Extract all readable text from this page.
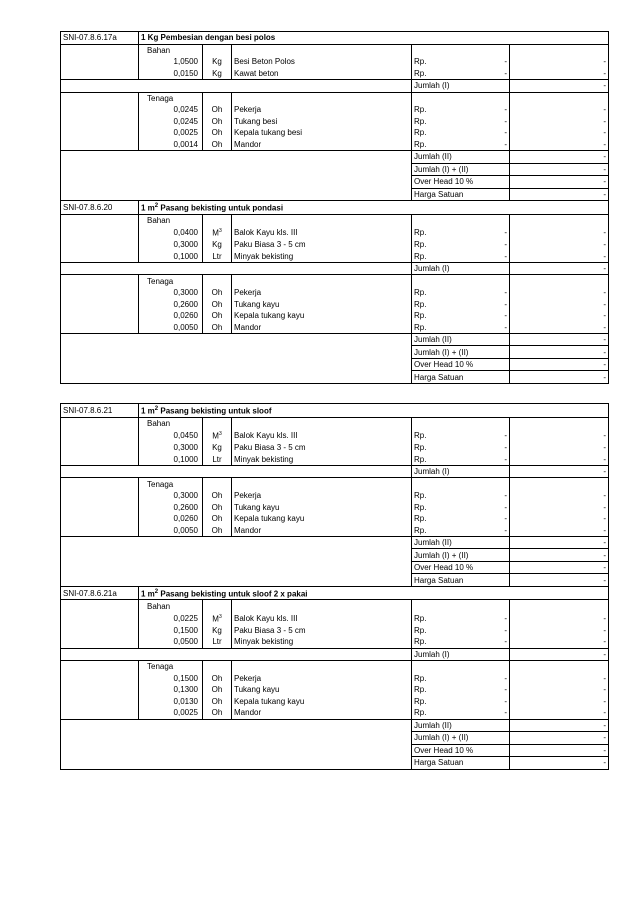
SNI-07.8.6.17a	1 Kg Pembesian dengan besi polos					
	Bahan					
	1,0500	Kg	Besi Beton Polos	Rp.	-	-
	0,0150	Kg	Kawat beton	Rp.	-	-
				Jumlah (I)		-
	Tenaga					
	0,0245	Oh	Pekerja	Rp.	-	-
	0,0245	Oh	Tukang besi	Rp.	-	-
	0,0025	Oh	Kepala tukang besi	Rp.	-	-
	0,0014	Oh	Mandor	Rp.	-	-
				Jumlah (II)		-
				Jumlah (I) + (II)		-
				Over Head 10 %		-
				Harga Satuan		-
SNI-07.8.6.20	1 $m^2$ Pasang bekisting untuk pondasi					
	Bahan					
	0,0400	$M^3$	Balok Kayu kls. III	Rp.	-	-
	0,3000	Kg	Paku Biasa 3 - 5 cm	Rp.	-	-
	0,1000	Ltr	Minyak bekisting	Rp.	-	-
				Jumlah (I)		-
	Tenaga					
	0,3000	Oh	Pekerja	Rp.	-	-
	0,2600	Oh	Tukang kayu	Rp.	-	-
	0,0260	Oh	Kepala tukang kayu	Rp.	-	-
	0,0050	Oh	Mandor	Rp.	-	-
				Jumlah (II)		-
				Jumlah (I) + (II)		-
				Over Head 10 %		-
				Harga Satuan		-
SNI-07.8.6.21	1 $m^2$ Pasang bekisting untuk sloof					
	Bahan					
	0,0450	$M^3$	Balok Kayu kls. III	Rp.	-	-
	0,3000	Kg	Paku Biasa 3 - 5 cm	Rp.	-	-
	0,1000	Ltr	Minyak bekisting	Rp.	-	-
				Jumlah (I)		-
	Tenaga					
	0,3000	Oh	Pekerja	Rp.	-	-
	0,2600	Oh	Tukang kayu	Rp.	-	-
	0,0260	Oh	Kepala tukang kayu	Rp.	-	-
	0,0050	Oh	Mandor	Rp.	-	-
				Jumlah (II)		-
				Jumlah (I) + (II)		-
				Over Head 10 %		-
				Harga Satuan		-
SNI-07.8.6.21a	1 $m^2$ Pasang bekisting untuk sloof 2 x pakai					
	Bahan					
	0,0225	$M^3$	Balok Kayu kls. III	Rp.	-	-
	0,1500	Kg	Paku Biasa 3 - 5 cm	Rp.	-	-
	0,0500	Ltr	Minyak bekisting	Rp.	-	-
				Jumlah (I)		-
	Tenaga					
	0,1500	Oh	Pekerja	Rp.	-	-
	0,1300	Oh	Tukang kayu	Rp.	-	-
	0,0130	Oh	Kepala tukang kayu	Rp.	-	-
	0,0025	Oh	Mandor	Rp.	-	-
				Jumlah (II)		-
				Jumlah (I) + (II)		-
				Over Head 10 %		-
				Harga Satuan		-
